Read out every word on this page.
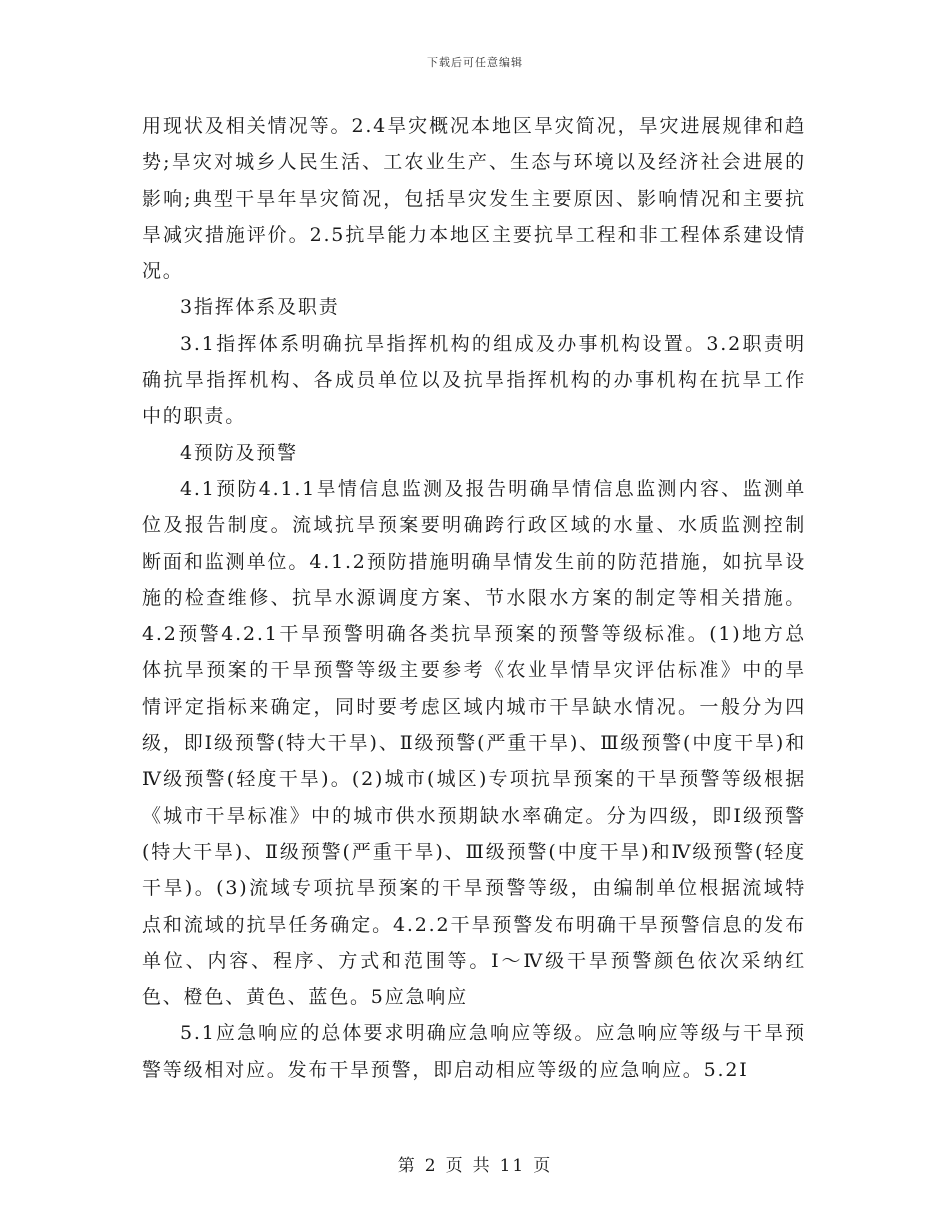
下载后可任意编辑

用现状及相关情况等。2.4旱灾概况本地区旱灾简况，旱灾进展规律和趋势;旱灾对城乡人民生活、工农业生产、生态与环境以及经济社会进展的影响;典型干旱年旱灾简况，包括旱灾发生主要原因、影响情况和主要抗旱减灾措施评价。2.5抗旱能力本地区主要抗旱工程和非工程体系建设情况。

3指挥体系及职责

3.1指挥体系明确抗旱指挥机构的组成及办事机构设置。3.2职责明确抗旱指挥机构、各成员单位以及抗旱指挥机构的办事机构在抗旱工作中的职责。

4预防及预警

4.1预防4.1.1旱情信息监测及报告明确旱情信息监测内容、监测单位及报告制度。流域抗旱预案要明确跨行政区域的水量、水质监测控制断面和监测单位。4.1.2预防措施明确旱情发生前的防范措施，如抗旱设施的检查维修、抗旱水源调度方案、节水限水方案的制定等相关措施。4.2预警4.2.1干旱预警明确各类抗旱预案的预警等级标准。(1)地方总体抗旱预案的干旱预警等级主要参考《农业旱情旱灾评估标准》中的旱情评定指标来确定，同时要考虑区域内城市干旱缺水情况。一般分为四级，即Ⅰ级预警(特大干旱)、Ⅱ级预警(严重干旱)、Ⅲ级预警(中度干旱)和Ⅳ级预警(轻度干旱)。(2)城市(城区)专项抗旱预案的干旱预警等级根据《城市干旱标准》中的城市供水预期缺水率确定。分为四级，即Ⅰ级预警(特大干旱)、Ⅱ级预警(严重干旱)、Ⅲ级预警(中度干旱)和Ⅳ级预警(轻度干旱)。(3)流域专项抗旱预案的干旱预警等级，由编制单位根据流域特点和流域的抗旱任务确定。4.2.2干旱预警发布明确干旱预警信息的发布单位、内容、程序、方式和范围等。Ⅰ～Ⅳ级干旱预警颜色依次采纳红色、橙色、黄色、蓝色。5应急响应

5.1应急响应的总体要求明确应急响应等级。应急响应等级与干旱预警等级相对应。发布干旱预警，即启动相应等级的应急响应。5.2Ⅰ

第 2 页 共 11 页
